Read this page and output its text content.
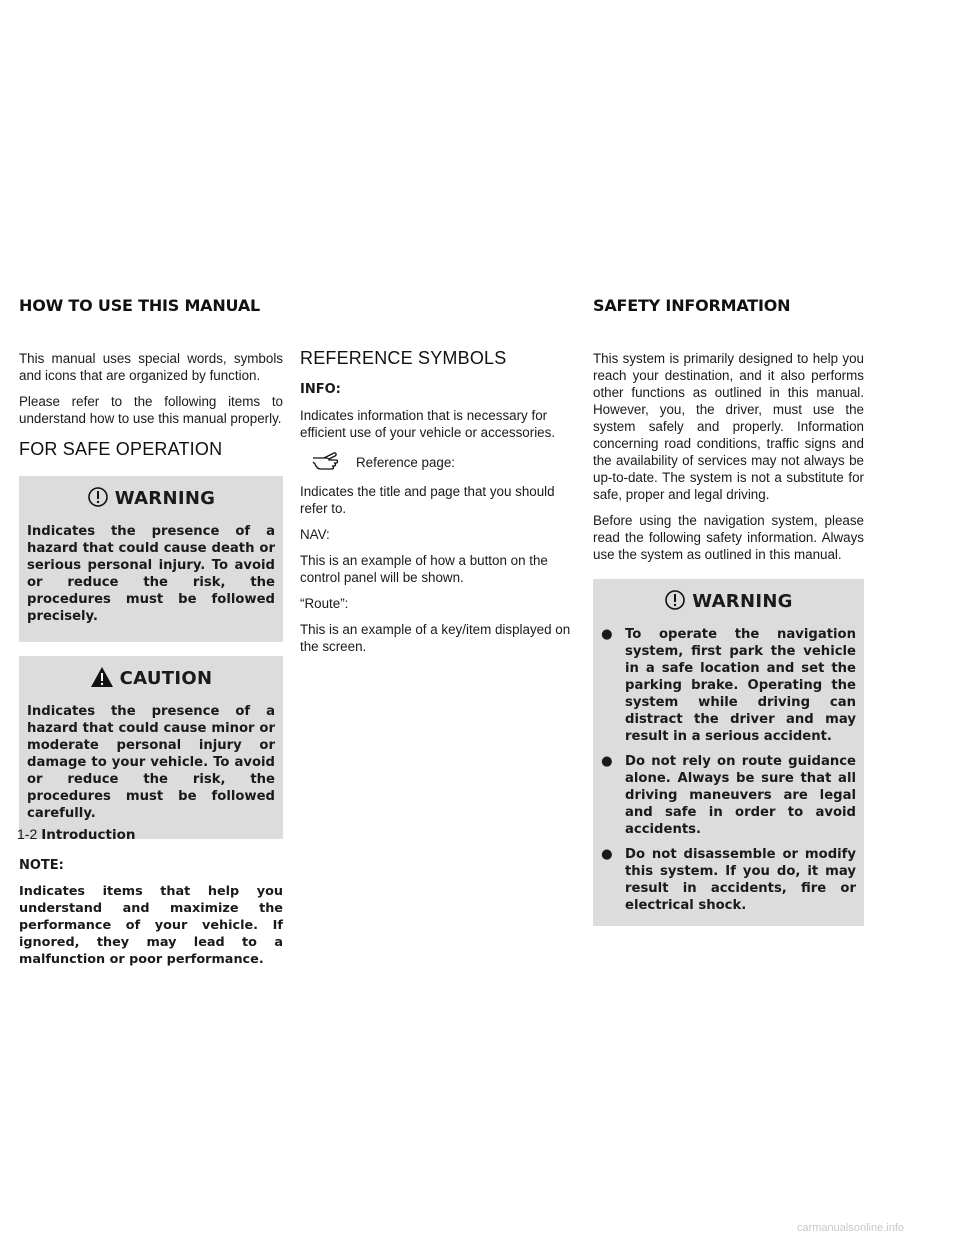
HOW TO USE THIS MANUAL	SAFETY INFORMATION

This manual uses special words, symbols and icons that are organized by function.

Please refer to the following items to understand how to use this manual properly.

FOR SAFE OPERATION
WARNING

Indicates the presence of a hazard that could cause death or serious personal injury. To avoid or reduce the risk, the procedures must be followed precisely.

CAUTION

Indicates the presence of a hazard that could cause minor or moderate personal injury or damage to your vehicle. To avoid or reduce the risk, the procedures must be followed carefully.

NOTE:

Indicates items that help you understand and maximize the performance of your vehicle. If ignored, they may lead to a malfunction or poor performance.

REFERENCE SYMBOLS

INFO:

Indicates information that is necessary for efficient use of your vehicle or accessories.

Reference page:

Indicates the title and page that you should refer to.

NAV:

This is an example of how a button on the control panel will be shown.

“Route”:

This is an example of a key/item displayed on the screen.

This system is primarily designed to help you reach your destination, and it also performs other functions as outlined in this manual. However, you, the driver, must use the system safely and properly. Information concerning road conditions, traffic signs and the availability of services may not always be up-to-date. The system is not a substitute for safe, proper and legal driving.

Before using the navigation system, please read the following safety information. Always use the system as outlined in this manual.

WARNING
● To operate the navigation system, first park the vehicle in a safe location and set the parking brake. Operating the system while driving can distract the driver and may result in a serious accident.
● Do not rely on route guidance alone. Always be sure that all driving maneuvers are legal and safe in order to avoid accidents.
● Do not disassemble or modify this system. If you do, it may result in accidents, fire or electrical shock.
1-2 Introduction
carmanualsonline.info
